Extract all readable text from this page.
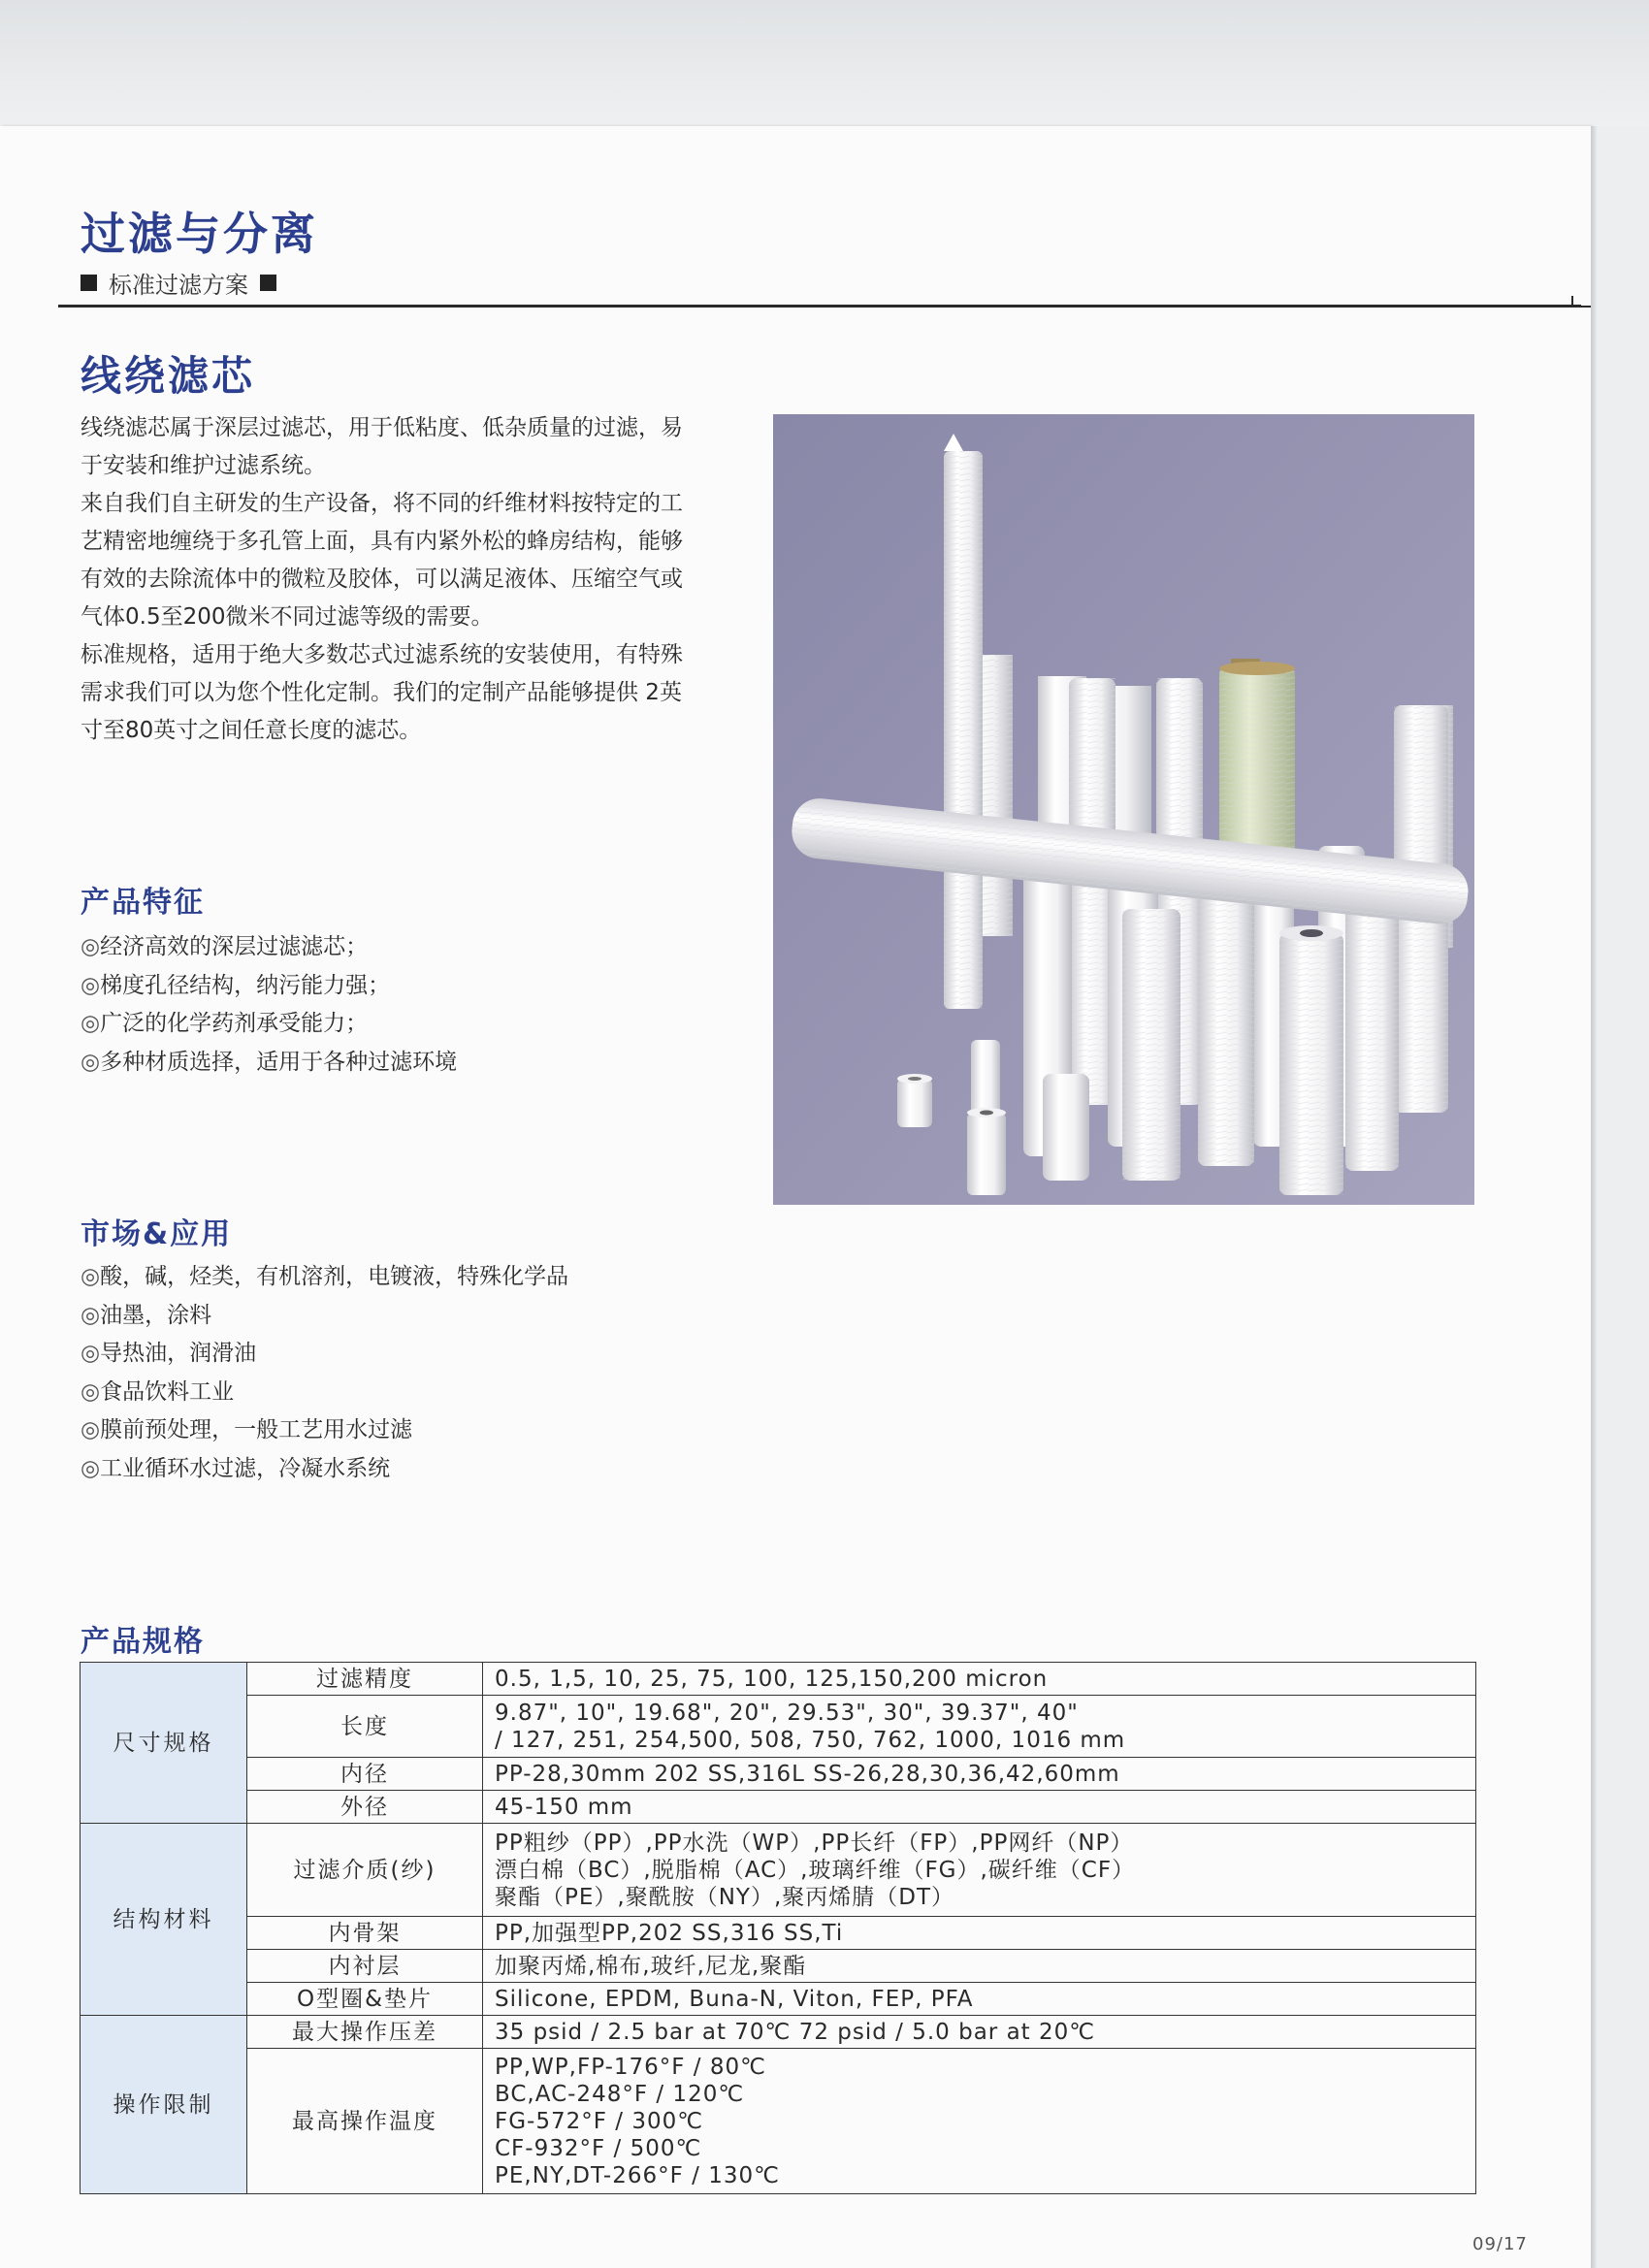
过滤与分离
标准过滤方案
线绕滤芯

线绕滤芯属于深层过滤芯，用于低粘度、低杂质量的过滤，易于安装和维护过滤系统。

来自我们自主研发的生产设备，将不同的纤维材料按特定的工艺精密地缠绕于多孔管上面，具有内紧外松的蜂房结构，能够有效的去除流体中的微粒及胶体，可以满足液体、压缩空气或气体0.5至200微米不同过滤等级的需要。

标准规格，适用于绝大多数芯式过滤系统的安装使用，有特殊需求我们可以为您个性化定制。我们的定制产品能够提供 2英寸至80英寸之间任意长度的滤芯。

产品特征
◎ 经济高效的深层过滤滤芯；
◎ 梯度孔径结构，纳污能力强；
◎ 广泛的化学药剂承受能力；
◎ 多种材质选择，适用于各种过滤环境
市场&应用
◎ 酸，碱，烃类，有机溶剂，电镀液，特殊化学品
◎ 油墨，涂料
◎ 导热油，润滑油
◎ 食品饮料工业
◎ 膜前预处理，一般工艺用水过滤
◎ 工业循环水过滤，冷凝水系统
产品规格
尺寸规格	过滤精度	0.5, 1,5, 10, 25, 75, 100, 125,150,200 micron
	长度	9.87", 10", 19.68", 20", 29.53", 30", 39.37", 40"
/ 127, 251, 254,500, 508, 750, 762, 1000, 1016 mm
	内径	PP-28,30mm 202 SS,316L SS-26,28,30,36,42,60mm
	外径	45-150 mm
结构材料	过滤介质(纱)	PP粗纱（PP）,PP水洗（WP）,PP长纤（FP）,PP网纤（NP）
漂白棉（BC）,脱脂棉（AC）,玻璃纤维（FG）,碳纤维（CF）
聚酯（PE）,聚酰胺（NY）,聚丙烯腈（DT）
	内骨架	PP,加强型PP,202 SS,316 SS,Ti
	内衬层	加聚丙烯,棉布,玻纤,尼龙,聚酯
	O型圈&垫片	Silicone, EPDM, Buna-N, Viton, FEP, PFA
操作限制	最大操作压差	35 psid / 2.5 bar at 70℃ 72 psid / 5.0 bar at 20℃
	最高操作温度	PP,WP,FP-176°F / 80℃
BC,AC-248°F / 120℃
FG-572°F / 300℃
CF-932°F / 500℃
PE,NY,DT-266°F / 130℃
09/17
